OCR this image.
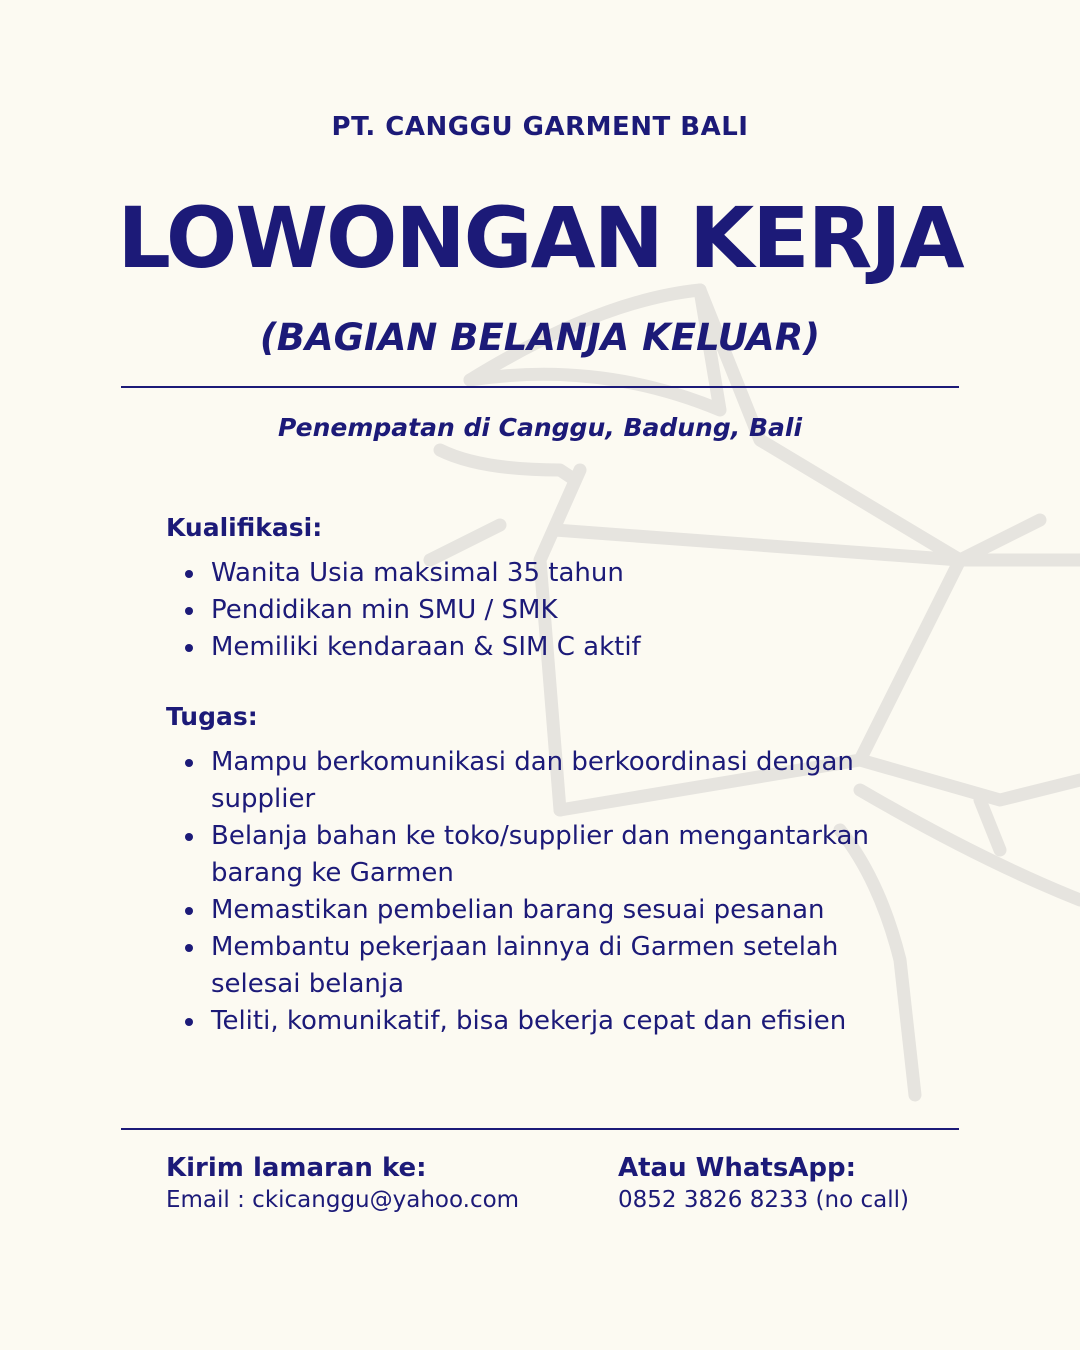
PT. CANGGU GARMENT BALI
LOWONGAN KERJA
(BAGIAN BELANJA KELUAR)
Penempatan di Canggu, Badung, Bali
Kualifikasi:
Wanita Usia maksimal 35 tahun
Pendidikan min SMU / SMK
Memiliki kendaraan & SIM C aktif
Tugas:
Mampu berkomunikasi dan berkoordinasi dengan supplier
Belanja bahan ke toko/supplier dan mengantarkan barang ke Garmen
Memastikan pembelian barang sesuai pesanan
Membantu pekerjaan lainnya di Garmen setelah selesai belanja
Teliti, komunikatif, bisa bekerja cepat dan efisien
Kirim lamaran ke:
Email : ckicanggu@yahoo.com
Atau WhatsApp:
0852 3826 8233 (no call)
